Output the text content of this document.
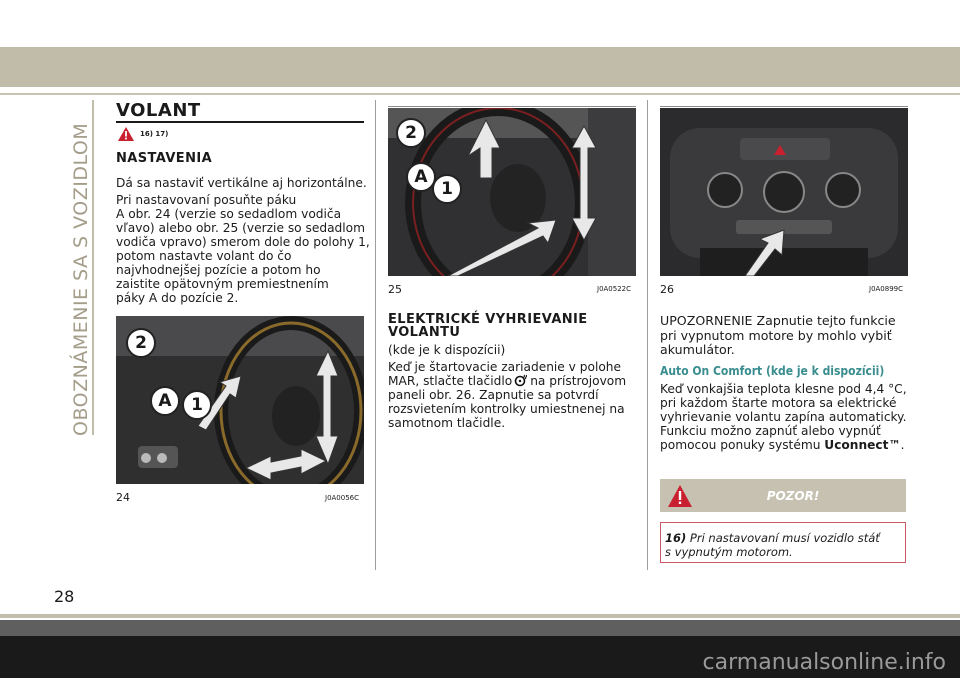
OBOZNÁMENIE SA S VOZIDLOM
VOLANT
16) 17)
NASTAVENIA
Dá sa nastaviť vertikálne aj horizontálne.
Pri nastavovaní posuňte páku
A obr. 24 (verzie so sedadlom vodiča
vľavo) alebo obr. 25 (verzie so sedadlom
vodiča vpravo) smerom dole do polohy 1,
potom nastavte volant do čo
najvhodnejšej pozície a potom ho
zaistite opätovným premiestnením
páky A do pozície 2.
2
A	1
24	J0A0056C
2
A
1
25	J0A0522C
ELEKTRICKÉ VYHRIEVANIE
VOLANTU
(kde je k dispozícii)
Keď je štartovacie zariadenie v polohe
MAR, stlačte tlačidlo na prístrojovom
paneli obr. 26. Zapnutie sa potvrdí
rozsvietením kontrolky umiestnenej na
samotnom tlačidle.
26	J0A0899C
UPOZORNENIE Zapnutie tejto funkcie
pri vypnutom motore by mohlo vybiť
akumulátor.
Auto On Comfort (kde je k dispozícii)
Keď vonkajšia teplota klesne pod 4,4 °C,
pri každom štarte motora sa elektrické
vyhrievanie volantu zapína automaticky.
Funkciu možno zapnúť alebo vypnúť
pomocou ponuky systému Uconnect™.
POZOR!
16) Pri nastavovaní musí vozidlo stáť
s vypnutým motorom.
28
carmanualsonline.info
